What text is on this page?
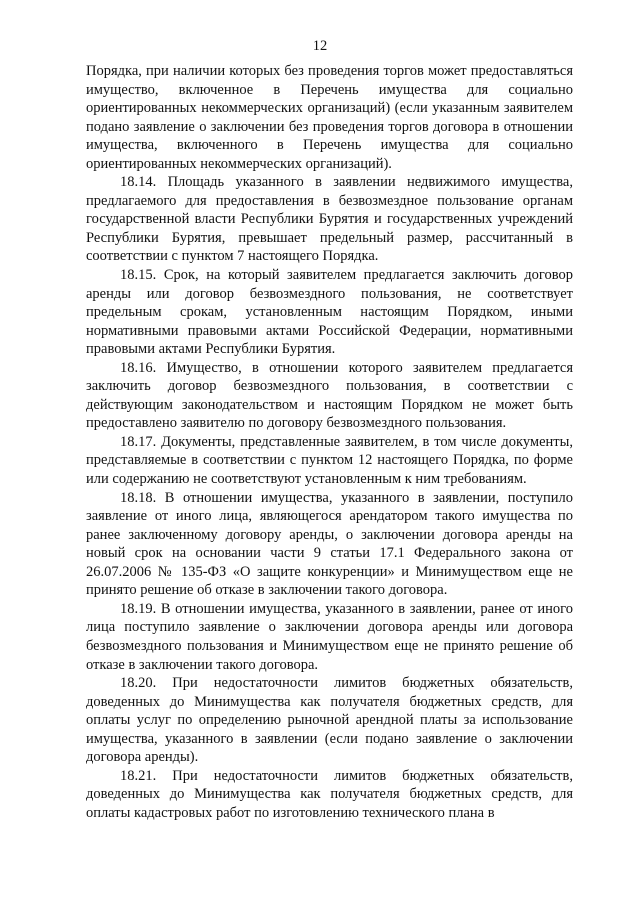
12

Порядка, при наличии которых без проведения торгов может предоставляться имущество, включенное в Перечень имущества для социально ориентированных некоммерческих организаций) (если указанным заявителем подано заявление о заключении без проведения торгов договора в отношении имущества, включенного в Перечень имущества для социально ориентированных некоммерческих организаций).

18.14. Площадь указанного в заявлении недвижимого имущества, предлагаемого для предоставления в безвозмездное пользование органам государственной власти Республики Бурятия и государственных учреждений Республики Бурятия, превышает предельный размер, рассчитанный в соответствии с пунктом 7 настоящего Порядка.

18.15. Срок, на который заявителем предлагается заключить договор аренды или договор безвозмездного пользования, не соответствует предельным срокам, установленным настоящим Порядком, иными нормативными правовыми актами Российской Федерации, нормативными правовыми актами Республики Бурятия.

18.16. Имущество, в отношении которого заявителем предлагается заключить договор безвозмездного пользования, в соответствии с действующим законодательством и настоящим Порядком не может быть предоставлено заявителю по договору безвозмездного пользования.

18.17. Документы, представленные заявителем, в том числе документы, представляемые в соответствии с пунктом 12 настоящего Порядка, по форме или содержанию не соответствуют установленным к ним требованиям.

18.18. В отношении имущества, указанного в заявлении, поступило заявление от иного лица, являющегося арендатором такого имущества по ранее заключенному договору аренды, о заключении договора аренды на новый срок на основании части 9 статьи 17.1 Федерального закона от 26.07.2006 № 135-ФЗ «О защите конкуренции» и Минимуществом еще не принято решение об отказе в заключении такого договора.

18.19. В отношении имущества, указанного в заявлении, ранее от иного лица поступило заявление о заключении договора аренды или договора безвозмездного пользования и Минимуществом еще не принято решение об отказе в заключении такого договора.

18.20. При недостаточности лимитов бюджетных обязательств, доведенных до Минимущества как получателя бюджетных средств, для оплаты услуг по определению рыночной арендной платы за использование имущества, указанного в заявлении (если подано заявление о заключении договора аренды).

18.21. При недостаточности лимитов бюджетных обязательств, доведенных до Минимущества как получателя бюджетных средств, для оплаты кадастровых работ по изготовлению технического плана в
